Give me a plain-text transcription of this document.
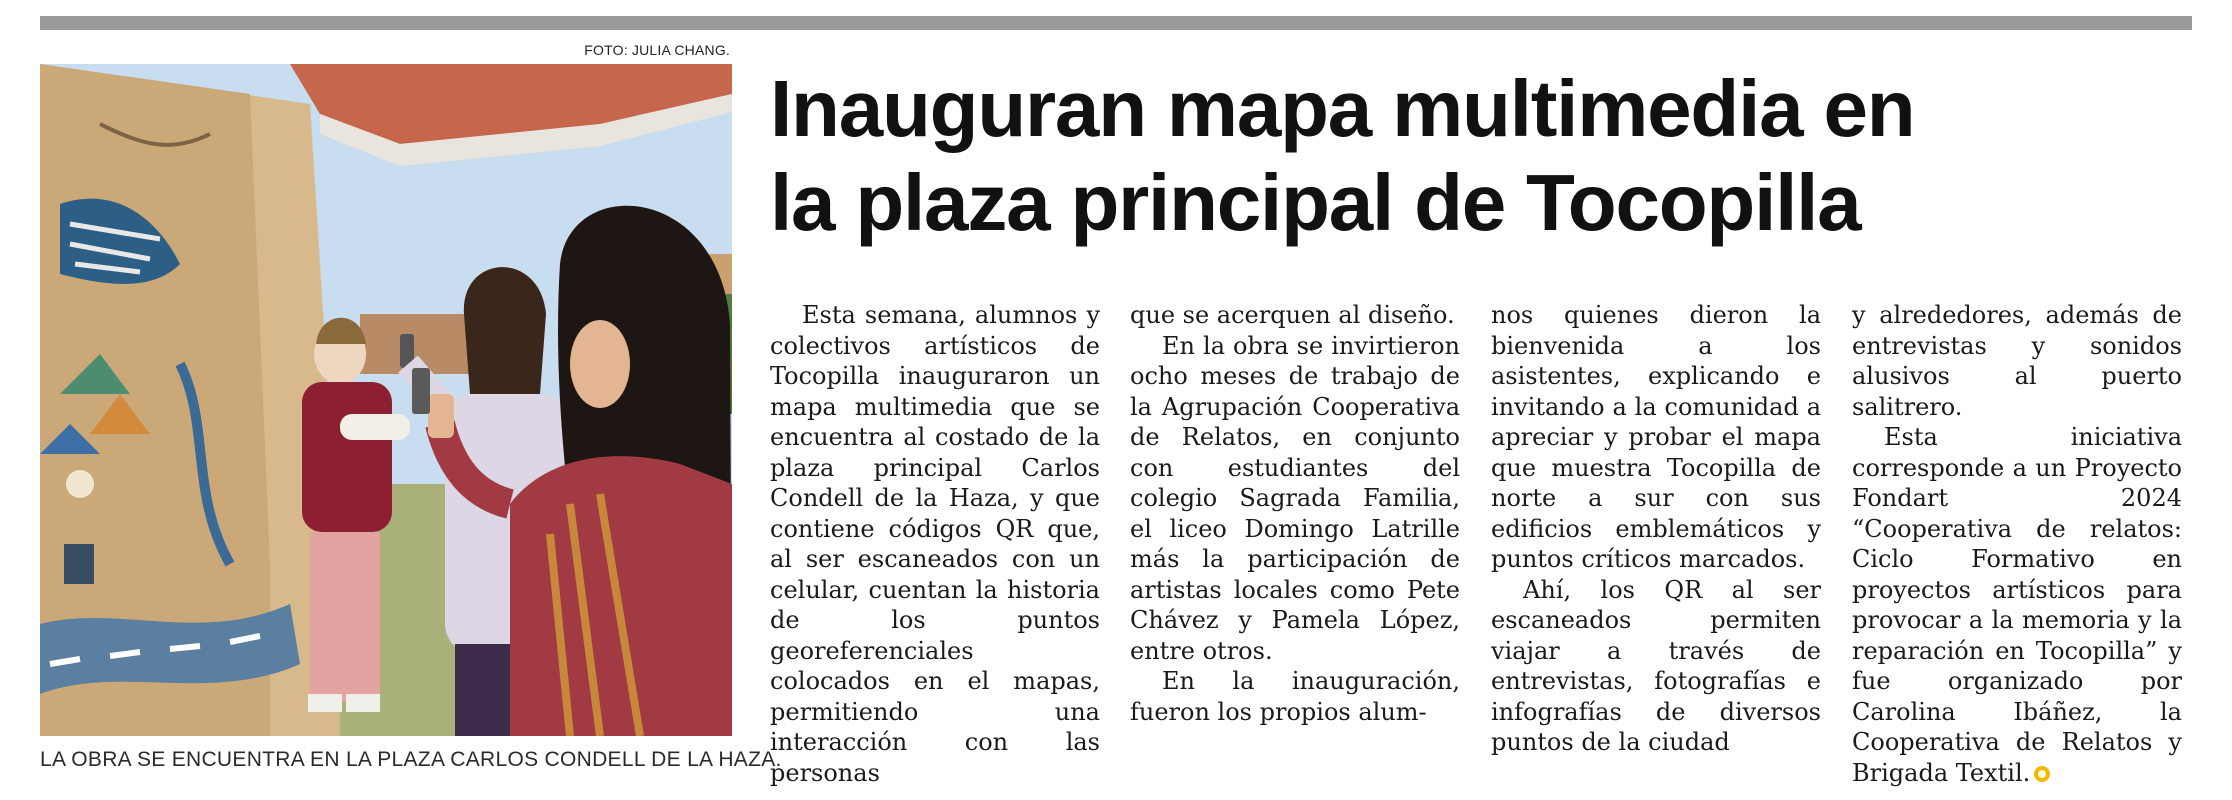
FOTO: JULIA CHANG.
LA OBRA SE ENCUENTRA EN LA PLAZA CARLOS CONDELL DE LA HAZA.
Inauguran mapa multimedia en
la plaza principal de Tocopilla

Esta semana, alumnos y colectivos artísticos de Tocopilla inauguraron un mapa multimedia que se encuentra al costado de la plaza principal Carlos Condell de la Haza, y que contiene códigos QR que, al ser escaneados con un celular, cuentan la historia de los puntos georeferenciales colocados en el mapas, permitiendo una interacción con las personas

que se acerquen al diseño.

En la obra se invirtieron ocho meses de trabajo de la Agrupación Cooperativa de Relatos, en conjunto con estudiantes del colegio Sagrada Familia, el liceo Domingo Latrille más la participación de artistas locales como Pete Chávez y Pamela López, entre otros.

En la inauguración, fueron los propios alum-

nos quienes dieron la bienvenida a los asistentes, explicando e invitando a la comunidad a apreciar y probar el mapa que muestra Tocopilla de norte a sur con sus edificios emblemáticos y puntos críticos marcados.

Ahí, los QR al ser escaneados permiten viajar a través de entrevistas, fotografías e infografías de diversos puntos de la ciudad

y alrededores, además de entrevistas y sonidos alusivos al puerto salitrero.

Esta iniciativa corresponde a un Proyecto Fondart 2024 “Cooperativa de relatos: Ciclo Formativo en proyectos artísticos para provocar a la memoria y la reparación en Tocopilla” y fue organizado por Carolina Ibáñez, la Cooperativa de Relatos y Brigada Textil.
